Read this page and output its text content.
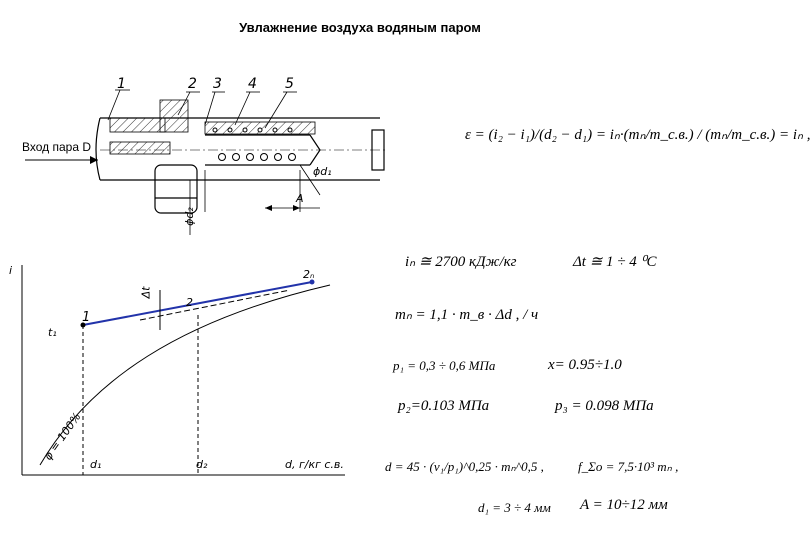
Увлажнение воздуха водяным паром
Вход пара D
1	2 3 4 5
ϕd₁
A
ϕd₂
i
d, г/кг с.в.
1
t₁
2
2ₙ
Δt
d₁	d₂
φ = 100%
ε = (i₂ − i₁)/(d₂ − d₁) = iₙ·(mₙ/m_с.в.) / (mₙ/m_с.в.) = iₙ ,
iₙ ≅ 2700 кДж/кг	Δt ≅ 1 ÷ 4 ⁰C
mₙ = 1,1 · m_в · Δd , / ч
p₁ = 0,3 ÷ 0,6 МПа	x= 0.95÷1.0
p₂=0.103 МПа	p₃ = 0.098 МПа
d = 45 · (v₁/p₁)^0,25 · mₙ^0,5 ,	f_Σo = 7,5·10³ mₙ ,
d₁ = 3 ÷ 4 мм A = 10÷12 мм
